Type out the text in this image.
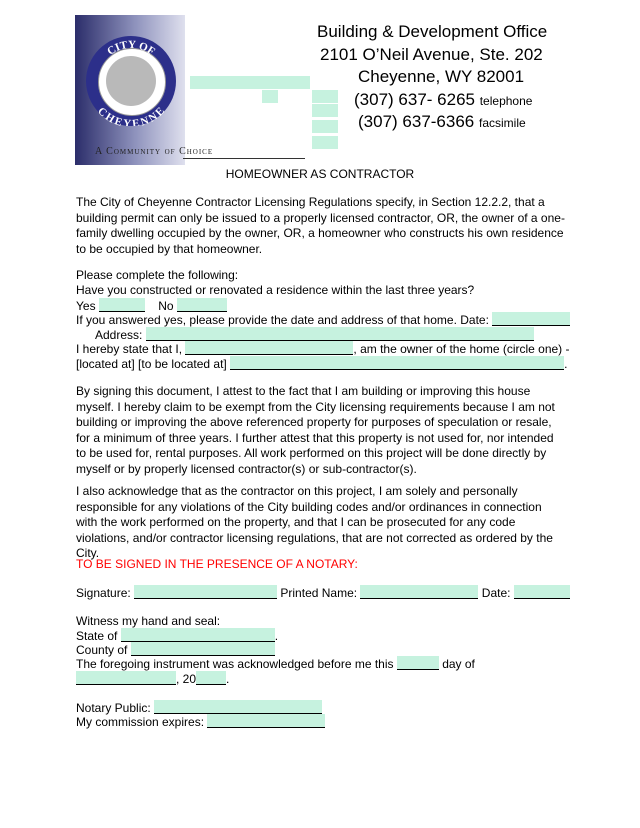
CITY OF
CHEYENNE
A Community of Choice
Building & Development Office
2101 O’Neil Avenue, Ste. 202
Cheyenne, WY 82001
(307) 637- 6265 telephone
(307) 637-6366 facsimile
HOMEOWNER AS CONTRACTOR
The City of Cheyenne Contractor Licensing Regulations specify, in Section 12.2.2, that a building permit can only be issued to a properly licensed contractor, OR, the owner of a one-family dwelling occupied by the owner, OR, a homeowner who constructs his own residence to be occupied by that homeowner.
Please complete the following:
Have you constructed or renovated a residence within the last three years?
Yes	No
If you answered yes, please provide the date and address of that home. Date:
Address:
I hereby state that I,	, am the owner of the home (circle one) -
[located at] [to be located at]	.
By signing this document, I attest to the fact that I am building or improving this house myself. I hereby claim to be exempt from the City licensing requirements because I am not building or improving the above referenced property for purposes of speculation or resale, for a minimum of three years. I further attest that this property is not used for, nor intended to be used for, rental purposes. All work performed on this project will be done directly by myself or by properly licensed contractor(s) or sub-contractor(s).
I also acknowledge that as the contractor on this project, I am solely and personally responsible for any violations of the City building codes and/or ordinances in connection with the work performed on the property, and that I can be prosecuted for any code violations, and/or contractor licensing regulations, that are not corrected as ordered by the City.
TO BE SIGNED IN THE PRESENCE OF A NOTARY:
Signature:	Printed Name:	Date:
Witness my hand and seal:
State of	.
County of
The foregoing instrument was acknowledged before me this	day of
, 20	.
Notary Public:
My commission expires:
